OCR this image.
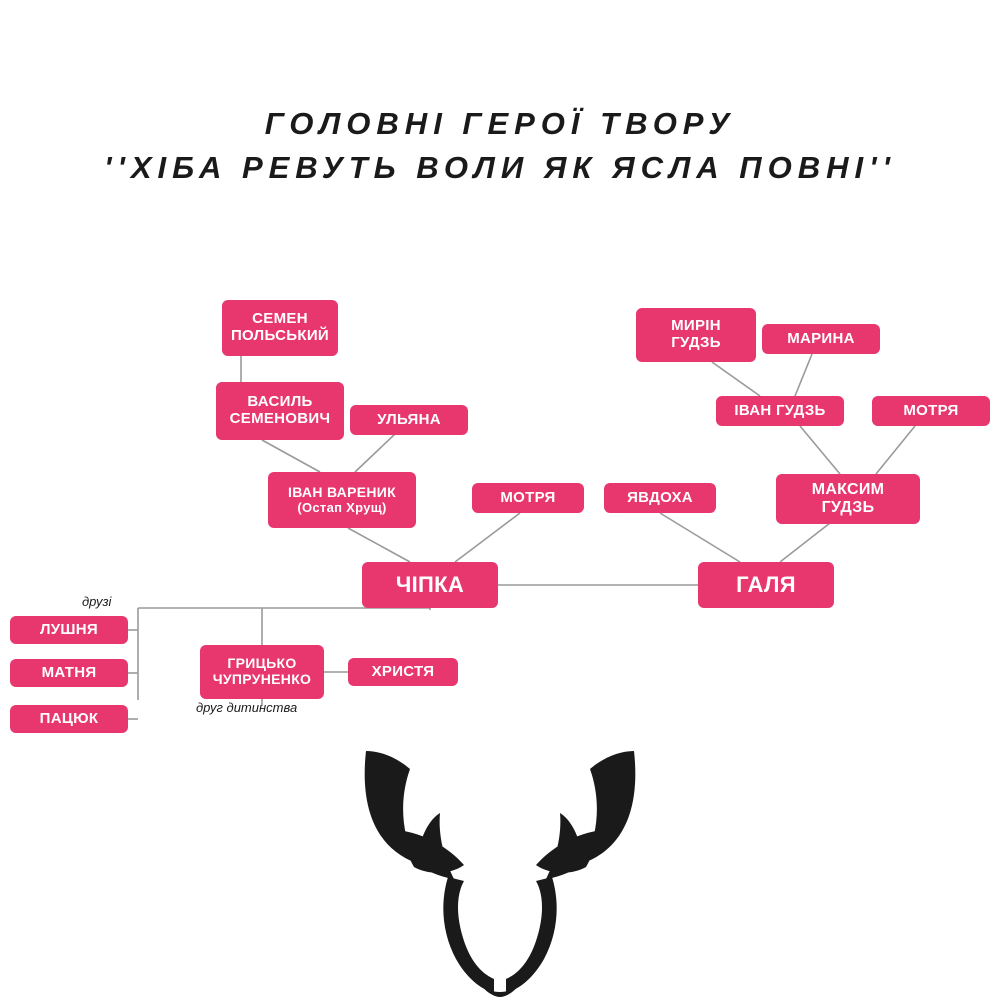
ГОЛОВНІ ГЕРОЇ ТВОРУ
''ХІБА РЕВУТЬ ВОЛИ ЯК ЯСЛА ПОВНІ''
СЕМЕН
ПОЛЬСЬКИЙ
ВАСИЛЬ
СЕМЕНОВИЧ	УЛЬЯНА
ІВАН ВАРЕНИК
(Остап Хрущ)
МОТРЯ
ЧІПКА
МИРІН
ГУДЗЬ	МАРИНА
ІВАН ГУДЗЬ	МОТРЯ
МАКСИМ
ГУДЗЬ
ЯВДОХА
ГАЛЯ
ЛУШНЯ
МАТНЯ
ПАЦЮК
ГРИЦЬКО
ЧУПРУНЕНКО	ХРИСТЯ
друзі
друг дитинства
